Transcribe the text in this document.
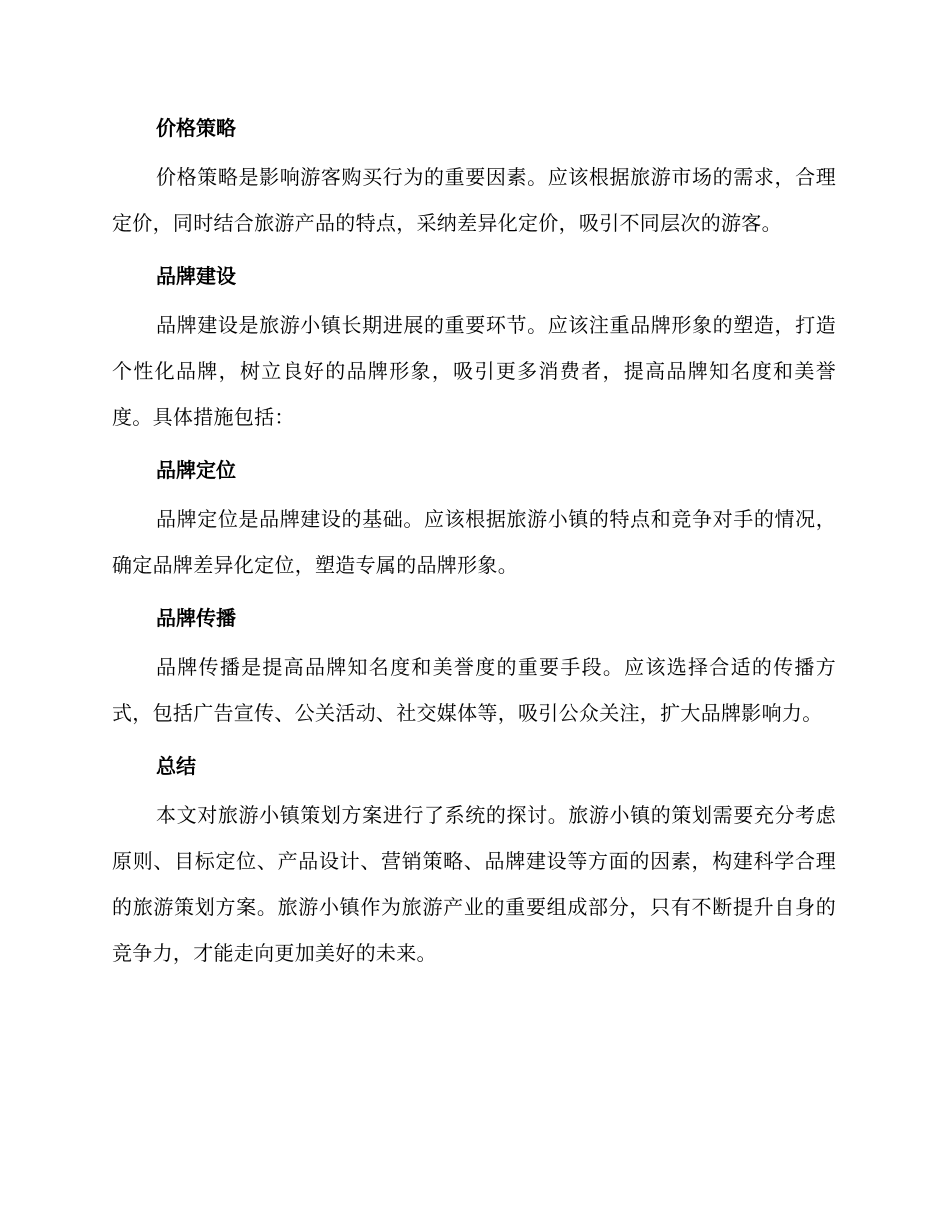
价格策略

价格策略是影响游客购买行为的重要因素。应该根据旅游市场的需求，合理定价，同时结合旅游产品的特点，采纳差异化定价，吸引不同层次的游客。

品牌建设

品牌建设是旅游小镇长期进展的重要环节。应该注重品牌形象的塑造，打造个性化品牌，树立良好的品牌形象，吸引更多消费者，提高品牌知名度和美誉度。具体措施包括：

品牌定位

品牌定位是品牌建设的基础。应该根据旅游小镇的特点和竞争对手的情况，确定品牌差异化定位，塑造专属的品牌形象。

品牌传播

品牌传播是提高品牌知名度和美誉度的重要手段。应该选择合适的传播方式，包括广告宣传、公关活动、社交媒体等，吸引公众关注，扩大品牌影响力。

总结

本文对旅游小镇策划方案进行了系统的探讨。旅游小镇的策划需要充分考虑原则、目标定位、产品设计、营销策略、品牌建设等方面的因素，构建科学合理的旅游策划方案。旅游小镇作为旅游产业的重要组成部分，只有不断提升自身的竞争力，才能走向更加美好的未来。
